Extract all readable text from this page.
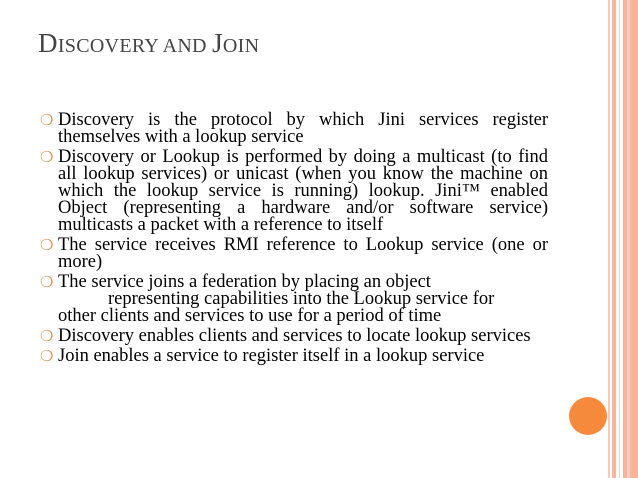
DISCOVERY AND JOIN
❍ Discovery is the protocol by which Jini services register themselves with a lookup service
❍ Discovery or Lookup is performed by doing a multicast (to find all lookup services) or unicast (when you know the machine on which the lookup service is running) lookup. Jini™ enabled Object (representing a hardware and/or software service) multicasts a packet with a reference to itself
❍ The service receives RMI reference to Lookup service (one or more)
❍ The service joins a federation by placing an object
representing capabilities into the Lookup service for
other clients and services to use for a period of time
❍ Discovery enables clients and services to locate lookup services
❍ Join enables a service to register itself in a lookup service
